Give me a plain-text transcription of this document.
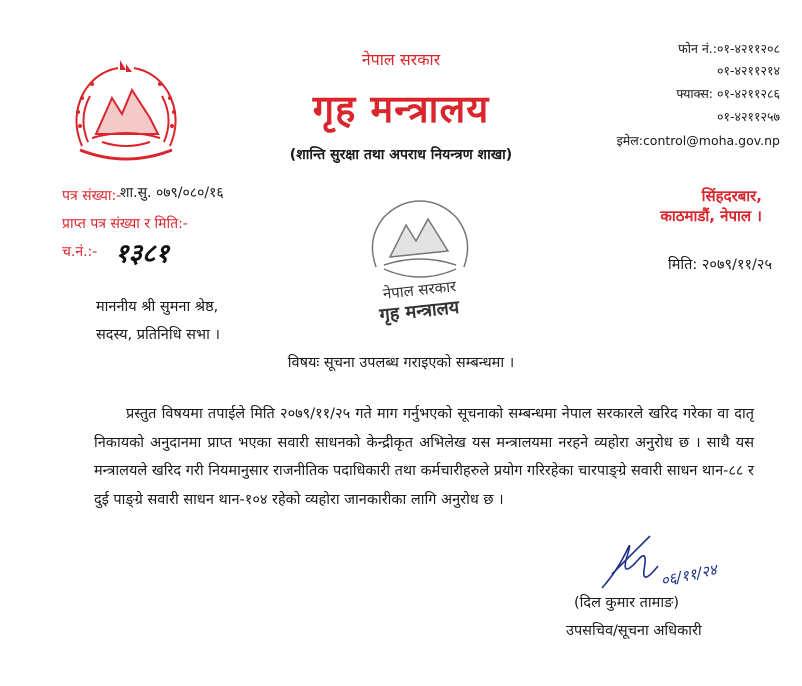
नेपाल सरकार
गृह मन्त्रालय
(शान्ति सुरक्षा तथा अपराध नियन्त्रण शाखा)
फोन नं.:०१-४२११२०८
०१-४२११२१४
फ्याक्स: ०१-४२११२८६
०१-४२११२५७
इमेल:control@moha.gov.np
पत्र संख्या:-
शा.सु. ०७९/०८०/१६
प्राप्त पत्र संख्या र मिति:-
च.नं.:- १३८१
सिंहदरबार,
काठमाडौं, नेपाल ।
मिति: २०७९/११/२५
नेपाल सरकार
गृह मन्त्रालय
माननीय श्री सुमना श्रेष्ठ,
सदस्य, प्रतिनिधि सभा ।
विषयः सूचना उपलब्ध गराइएको सम्बन्धमा ।
प्रस्तुत विषयमा तपाईले मिति २०७९/११/२५ गते माग गर्नुभएको सूचनाको सम्बन्धमा नेपाल सरकारले खरिद गरेका वा दातृ निकायको अनुदानमा प्राप्त भएका सवारी साधनको केन्द्रीकृत अभिलेख यस मन्त्रालयमा नरहने व्यहोरा अनुरोध छ । साथै यस मन्त्रालयले खरिद गरी नियमानुसार राजनीतिक पदाधिकारी तथा कर्मचारीहरुले प्रयोग गरिरहेका चारपाङ्ग्रे सवारी साधन थान-८८ र दुई पाङ्ग्रे सवारी साधन थान-१०४ रहेको व्यहोरा जानकारीका लागि अनुरोध छ ।
०६/११/२४
(दिल कुमार तामाङ)
उपसचिव/सूचना अधिकारी
